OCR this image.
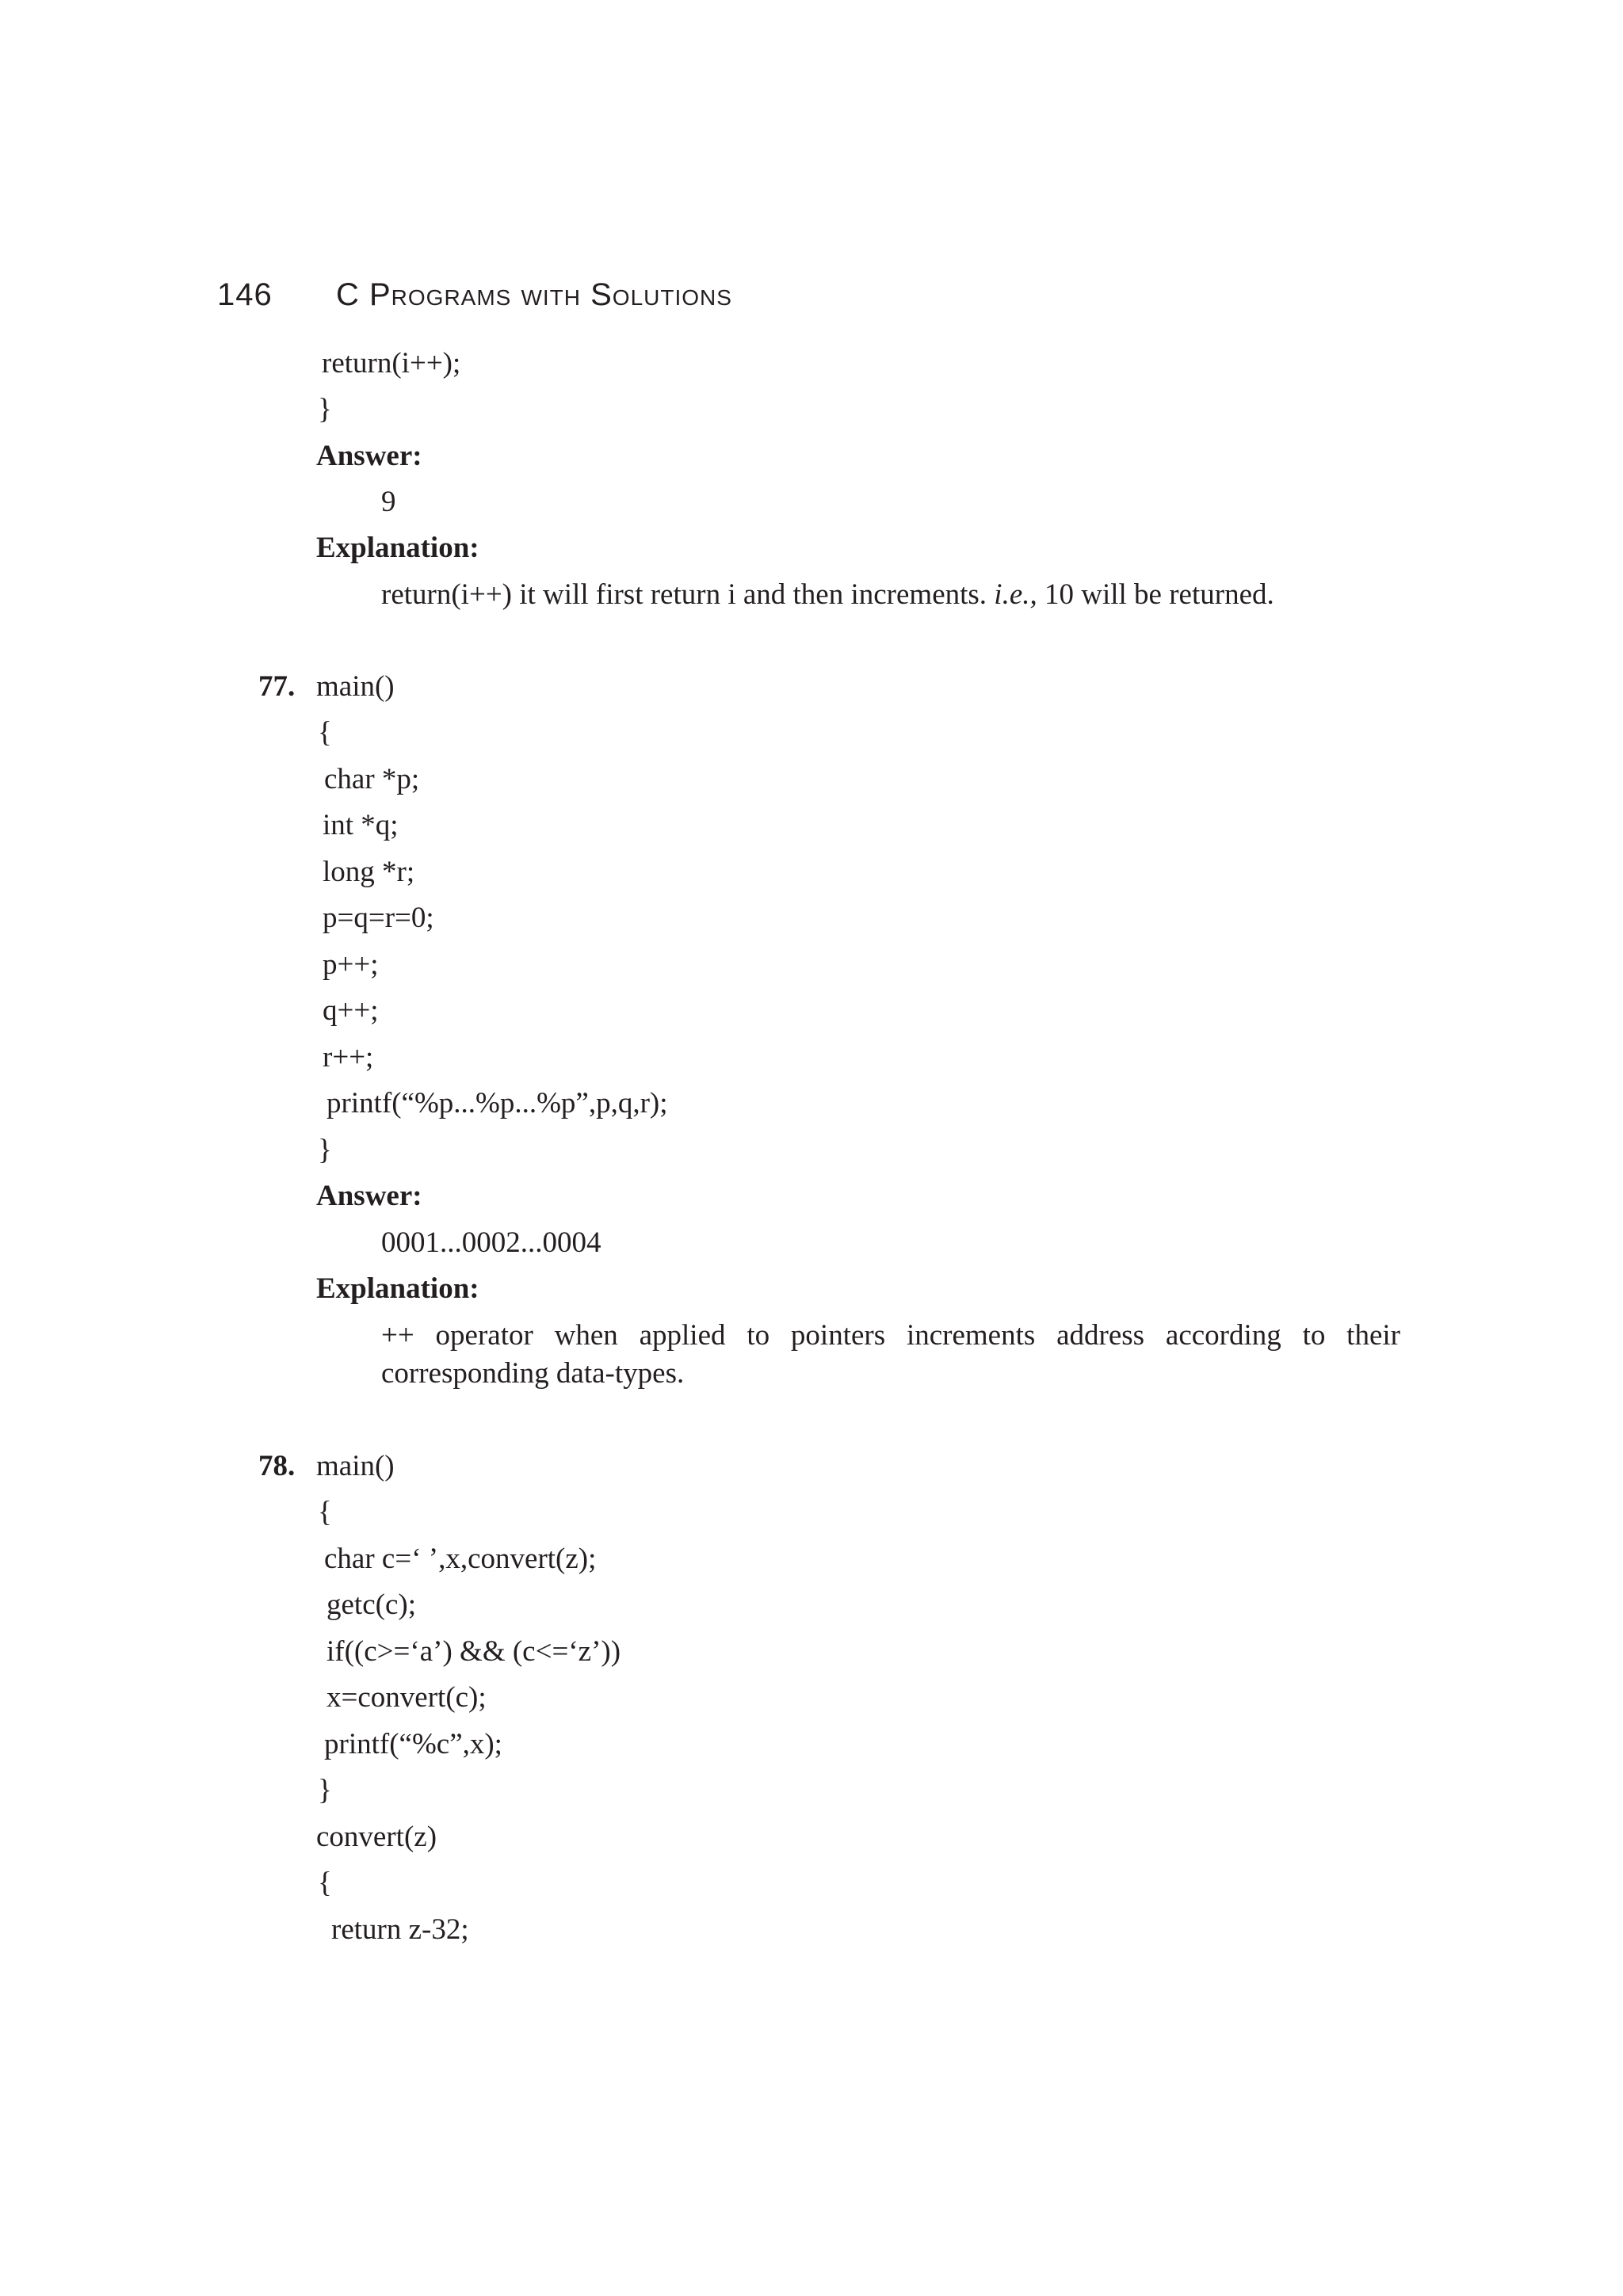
146	C Programs with Solutions
return(i++);
}
Answer:
9
Explanation:
return(i++) it will first return i and then increments. i.e., 10 will be returned.
77. main()
{
char *p;
int *q;
long *r;
p=q=r=0;
p++;
q++;
r++;
printf(“%p...%p...%p”,p,q,r);
}
Answer:
0001...0002...0004
Explanation:
++ operator when applied to pointers increments address according to their corresponding data-types.
78. main()
{
char c=‘ ’,x,convert(z);
getc(c);
if((c>=‘a’) && (c<=‘z’))
x=convert(c);
printf(“%c”,x);
}
convert(z)
{
return z-32;
